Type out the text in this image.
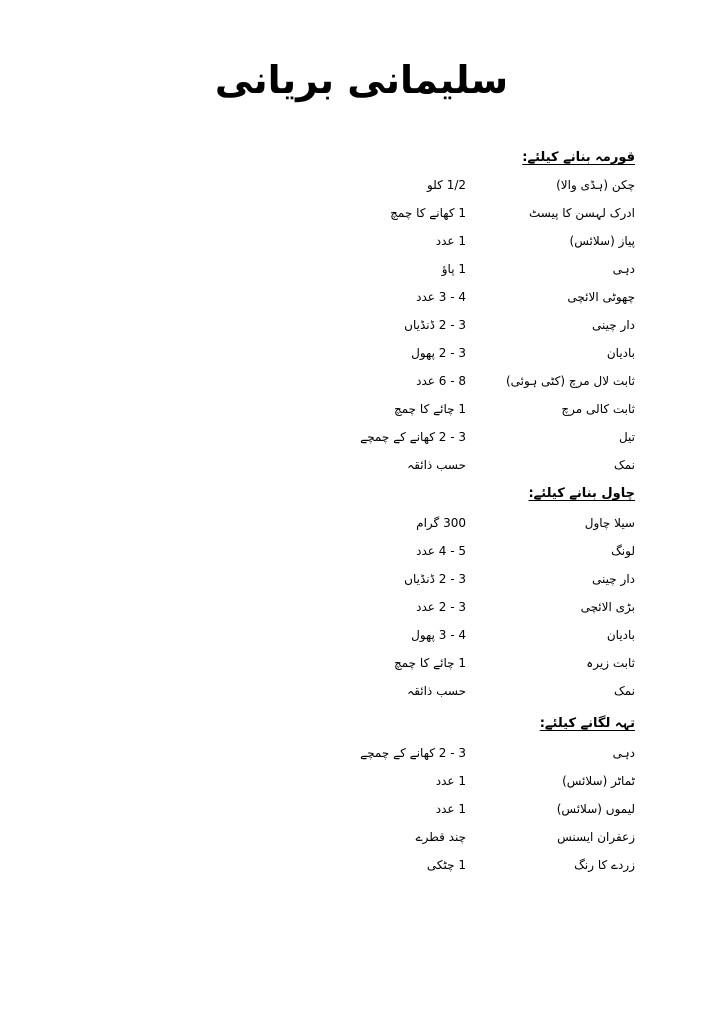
سلیمانی بریانی
قورمہ بنانے کیلئے:
چکن (ہڈی والا)
1/2 کلو
ادرک لہسن کا پیسٹ
1 کھانے کا چمچ
پیاز (سلائس)
1 عدد
دہی
1 پاؤ
چھوٹی الائچی
4 - 3 عدد
دار چینی
3 - 2 ڈنڈیاں
بادیان
3 - 2 پھول
ثابت لال مرچ (کٹی ہوئی)
8 - 6 عدد
ثابت کالی مرچ
1 چائے کا چمچ
تیل
3 - 2 کھانے کے چمچے
نمک
حسب ذائقہ
چاول بنانے کیلئے:
سیلا چاول
300 گرام
لونگ
5 - 4 عدد
دار چینی
3 - 2 ڈنڈیاں
بڑی الائچی
3 - 2 عدد
بادیان
4 - 3 پھول
ثابت زیرہ
1 چائے کا چمچ
نمک
حسب ذائقہ
تہہ لگانے کیلئے:
دہی
3 - 2 کھانے کے چمچے
ٹماٹر (سلائس)
1 عدد
لیموں (سلائس)
1 عدد
زعفران ایسنس
چند قطرے
زردے کا رنگ
1 چٹکی
